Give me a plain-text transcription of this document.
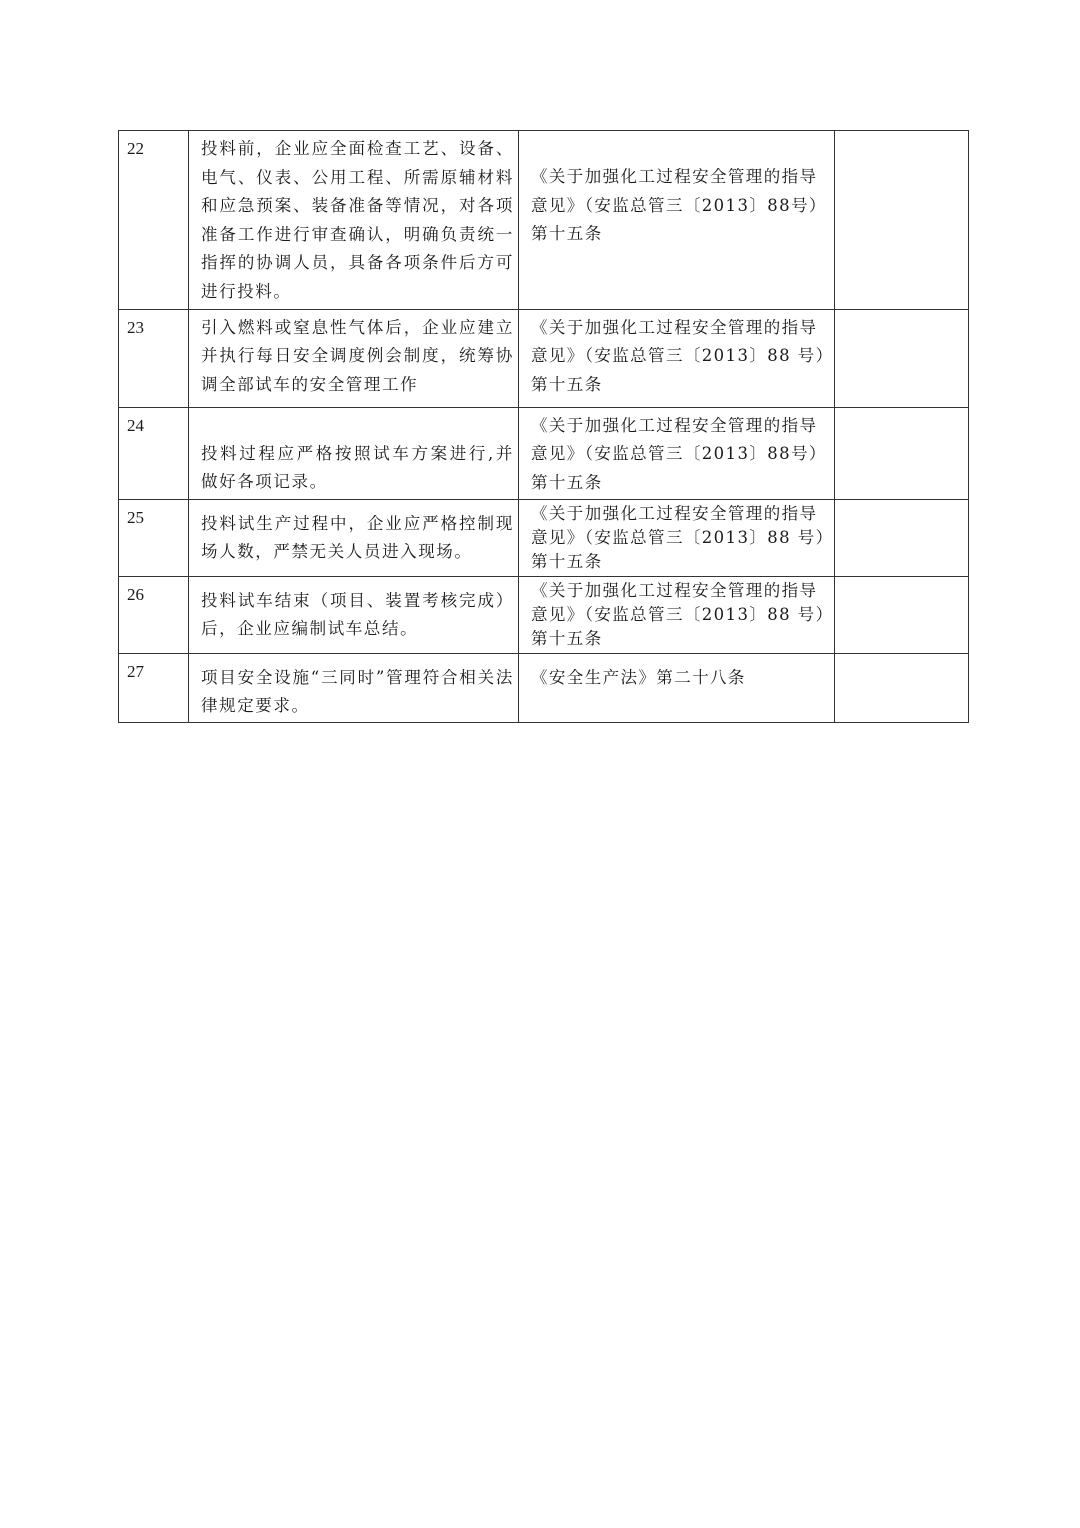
22	投料前，企业应全面检查工艺、设备、电气、仪表、公用工程、所需原辅材料和应急预案、装备准备等情况，对各项准备工作进行审查确认，明确负责统一指挥的协调人员，具备各项条件后方可进行投料。	《关于加强化工过程安全管理的指导意见》（安监总管三〔2013〕88号）第十五条	
23	引入燃料或窒息性气体后，企业应建立并执行每日安全调度例会制度，统筹协调全部试车的安全管理工作	《关于加强化工过程安全管理的指导意见》（安监总管三〔2013〕88 号）第十五条	
24	投料过程应严格按照试车方案进行,并做好各项记录。	《关于加强化工过程安全管理的指导意见》（安监总管三〔2013〕88号）第十五条	
25	投料试生产过程中，企业应严格控制现场人数，严禁无关人员进入现场。	《关于加强化工过程安全管理的指导意见》（安监总管三〔2013〕88 号）第十五条	
26	投料试车结束（项目、装置考核完成）后，企业应编制试车总结。	《关于加强化工过程安全管理的指导意见》（安监总管三〔2013〕88 号）第十五条	
27	项目安全设施“三同时”管理符合相关法律规定要求。	《安全生产法》第二十八条	
